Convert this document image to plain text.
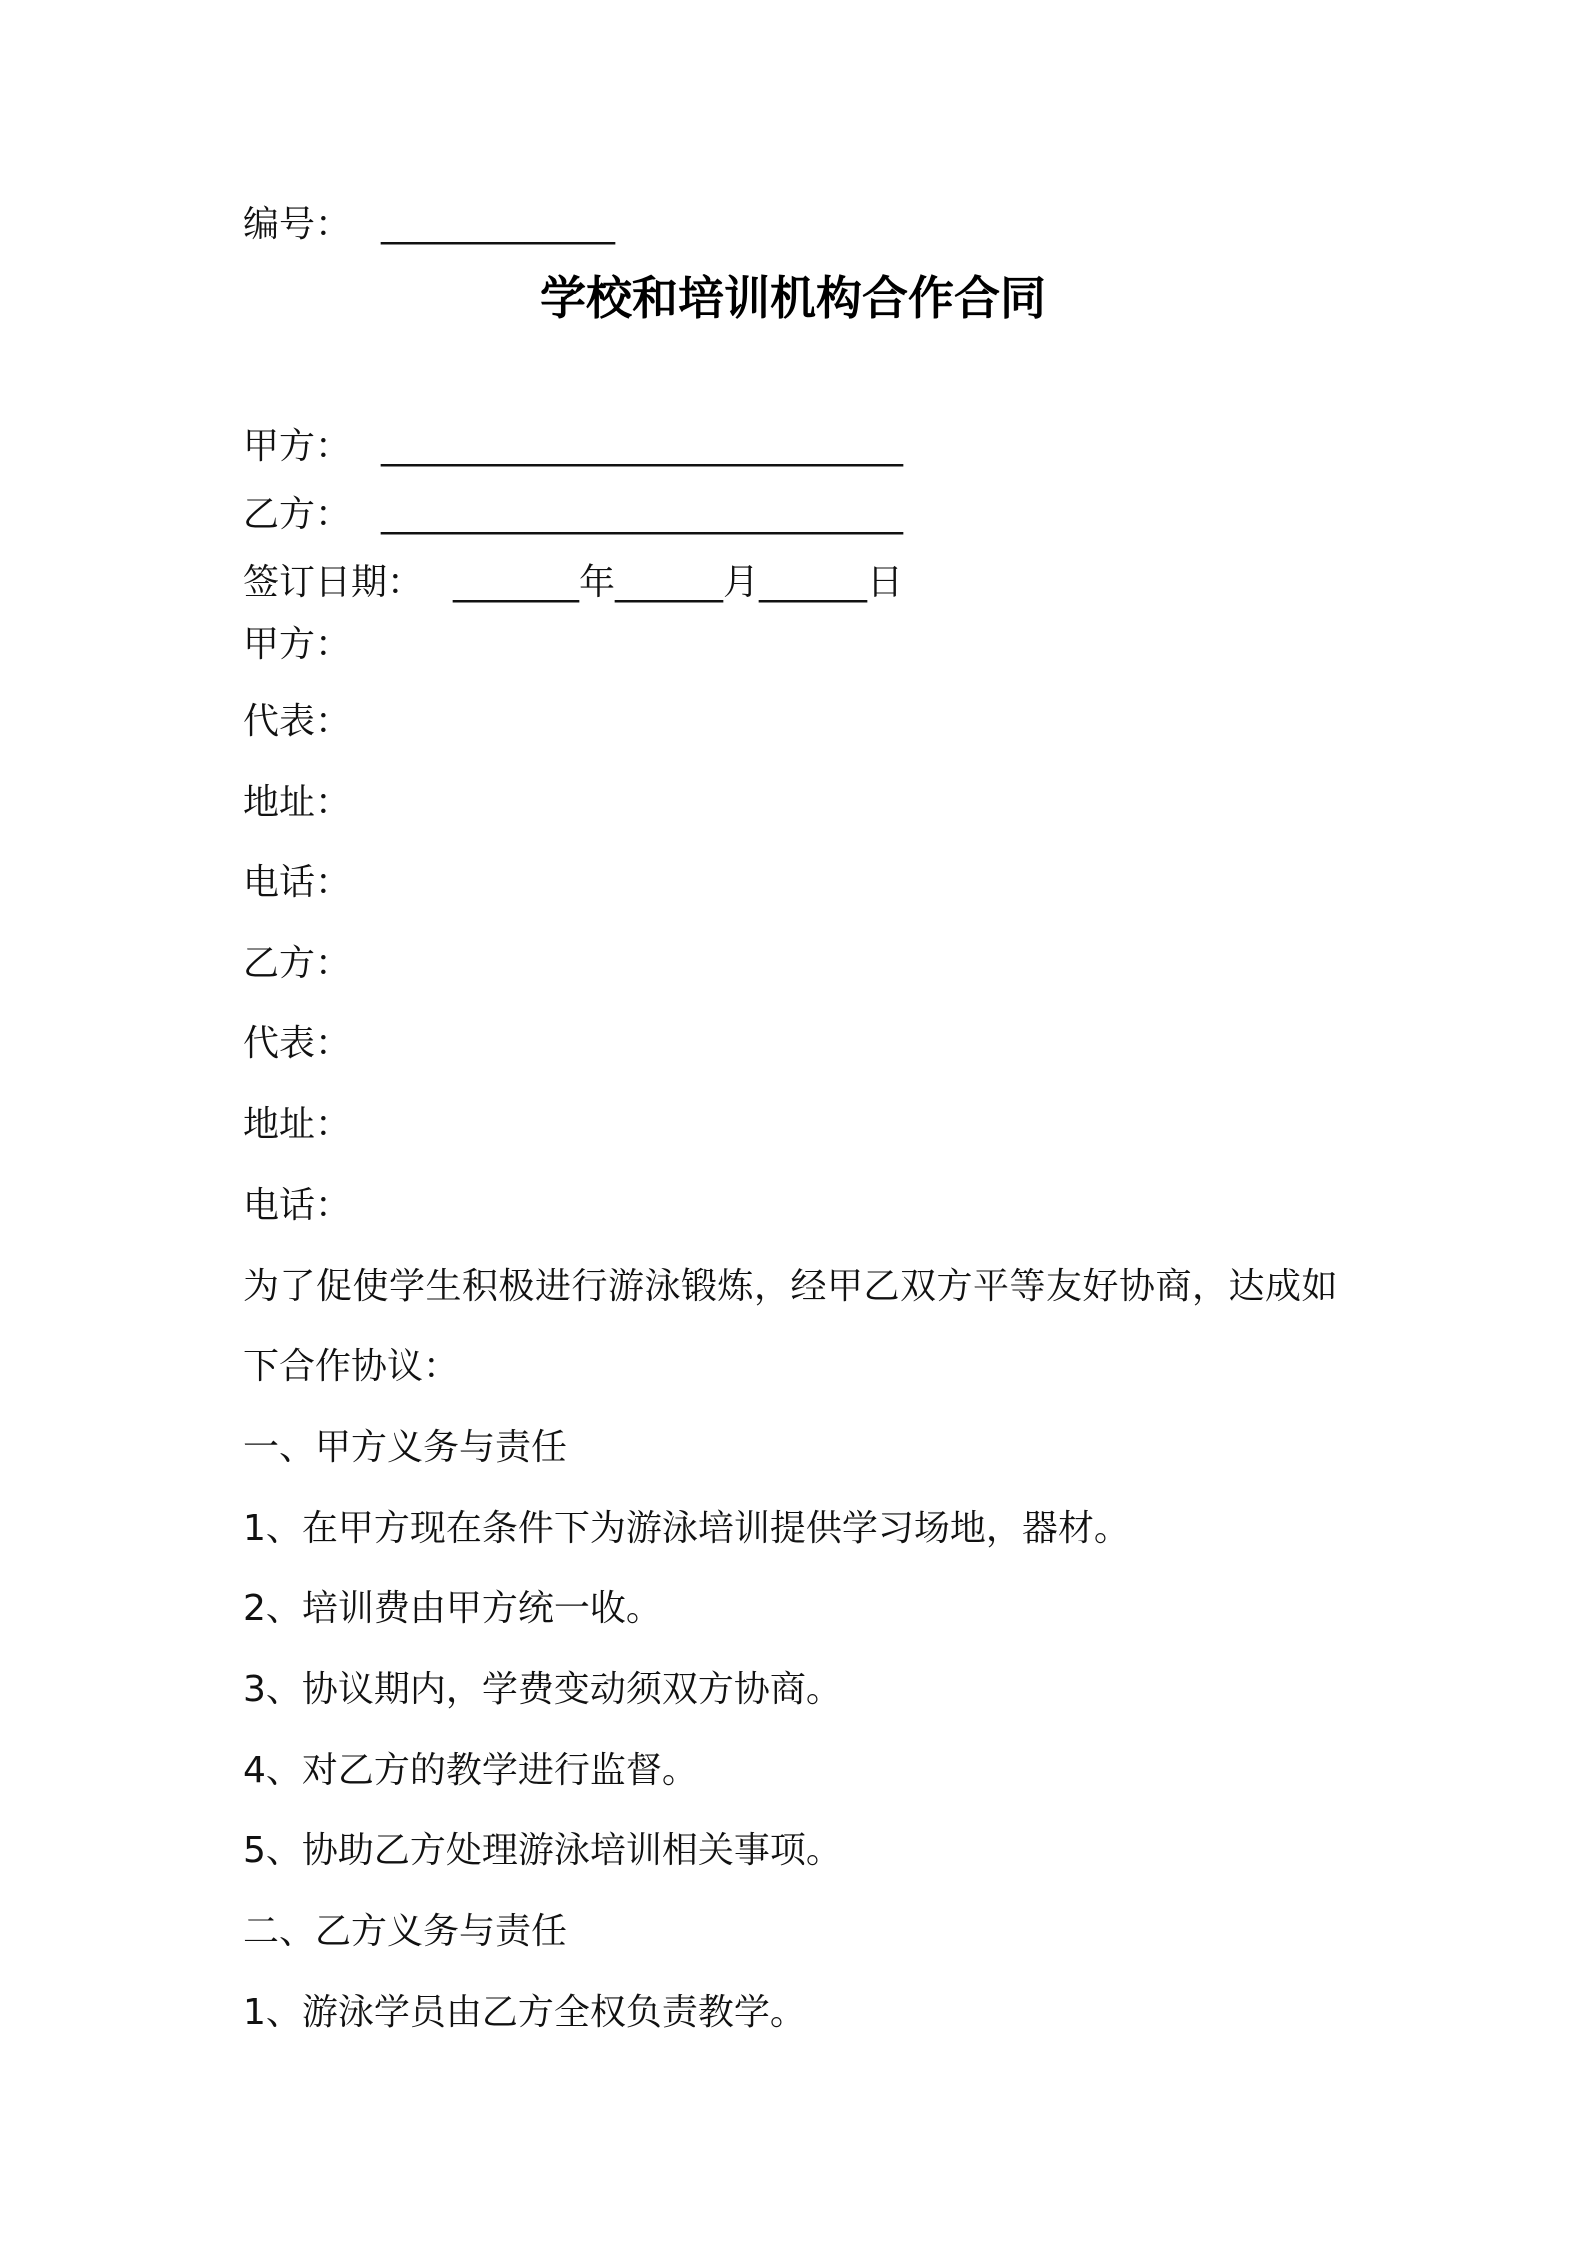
编号： _____________
学校和培训机构合作合同
甲方： _____________________________
乙方： _____________________________
签订日期： _______年______月______日
甲方：
代表：
地址：
电话：
乙方：
代表：
地址：
电话：
为了促使学生积极进行游泳锻炼，经甲乙双方平等友好协商，达成如
下合作协议：
一、甲方义务与责任
1、在甲方现在条件下为游泳培训提供学习场地，器材。
2、培训费由甲方统一收。
3、协议期内，学费变动须双方协商。
4、对乙方的教学进行监督。
5、协助乙方处理游泳培训相关事项。
二、乙方义务与责任
1、游泳学员由乙方全权负责教学。
